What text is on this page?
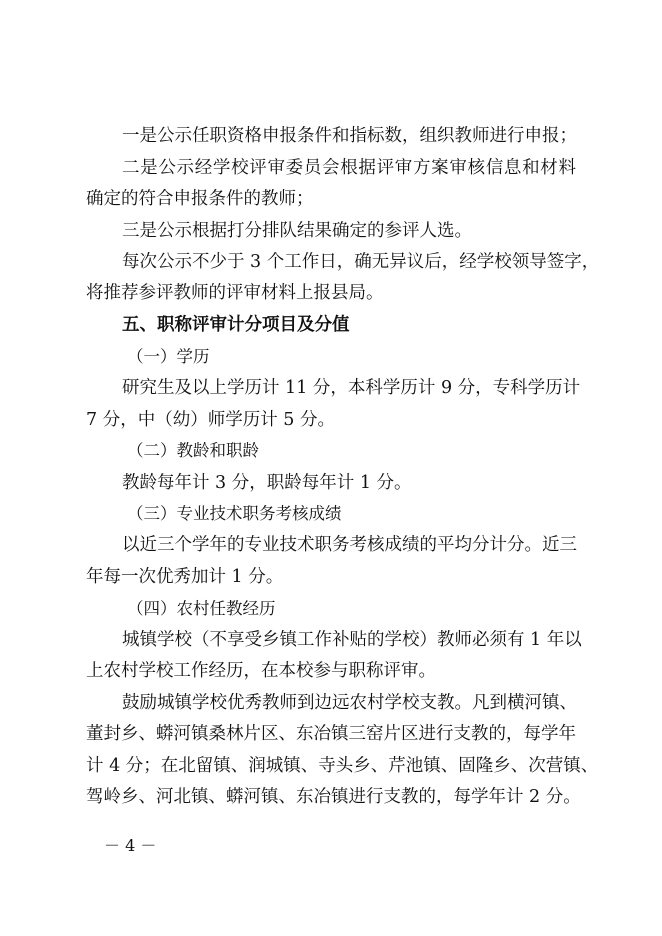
一是公示任职资格申报条件和指标数，组织教师进行申报；
二是公示经学校评审委员会根据评审方案审核信息和材料
确定的符合申报条件的教师；
三是公示根据打分排队结果确定的参评人选。
每次公示不少于 3 个工作日，确无异议后，经学校领导签字，
将推荐参评教师的评审材料上报县局。
五、职称评审计分项目及分值
（一）学历
研究生及以上学历计 11 分，本科学历计 9 分，专科学历计
7 分，中（幼）师学历计 5 分。
（二）教龄和职龄
教龄每年计 3 分，职龄每年计 1 分。
（三）专业技术职务考核成绩
以近三个学年的专业技术职务考核成绩的平均分计分。近三
年每一次优秀加计 1 分。
（四）农村任教经历
城镇学校（不享受乡镇工作补贴的学校）教师必须有 1 年以
上农村学校工作经历，在本校参与职称评审。
鼓励城镇学校优秀教师到边远农村学校支教。凡到横河镇、
董封乡、蟒河镇桑林片区、东冶镇三窑片区进行支教的，每学年
计 4 分；在北留镇、润城镇、寺头乡、芹池镇、固隆乡、次营镇、
驾岭乡、河北镇、蟒河镇、东冶镇进行支教的，每学年计 2 分。
－ 4 －
